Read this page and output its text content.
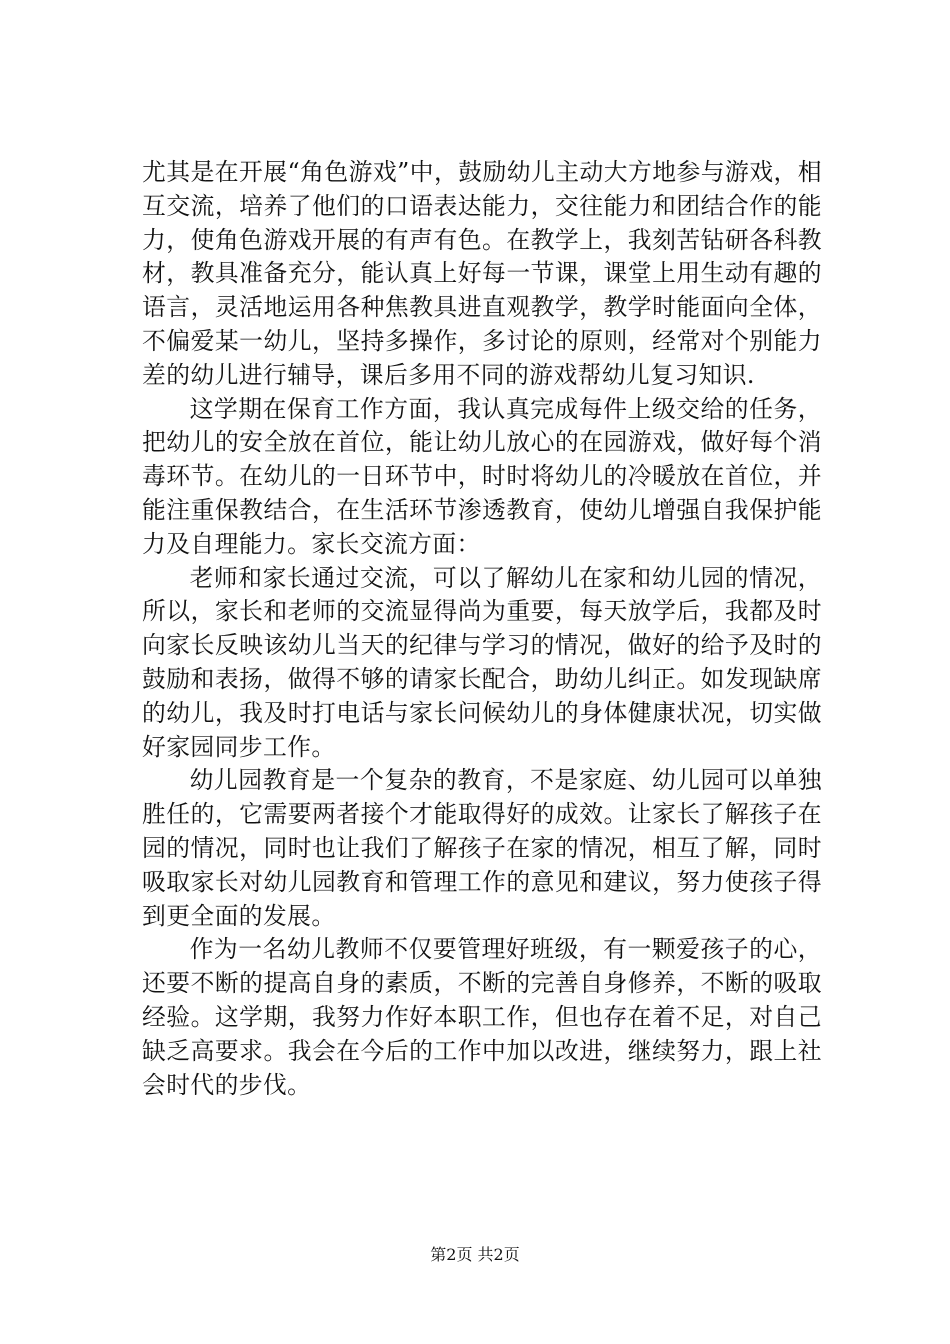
尤其是在开展“角色游戏”中，鼓励幼儿主动大方地参与游戏，相互交流，培养了他们的口语表达能力，交往能力和团结合作的能力，使角色游戏开展的有声有色。在教学上，我刻苦钻研各科教材，教具准备充分，能认真上好每一节课，课堂上用生动有趣的语言，灵活地运用各种焦教具进直观教学，教学时能面向全体，不偏爱某一幼儿，坚持多操作，多讨论的原则，经常对个别能力差的幼儿进行辅导，课后多用不同的游戏帮幼儿复习知识.

这学期在保育工作方面，我认真完成每件上级交给的任务，把幼儿的安全放在首位，能让幼儿放心的在园游戏，做好每个消毒环节。在幼儿的一日环节中，时时将幼儿的冷暖放在首位，并能注重保教结合，在生活环节渗透教育，使幼儿增强自我保护能力及自理能力。家长交流方面：

老师和家长通过交流，可以了解幼儿在家和幼儿园的情况，所以，家长和老师的交流显得尚为重要，每天放学后，我都及时向家长反映该幼儿当天的纪律与学习的情况，做好的给予及时的鼓励和表扬，做得不够的请家长配合，助幼儿纠正。如发现缺席的幼儿，我及时打电话与家长问候幼儿的身体健康状况，切实做好家园同步工作。

幼儿园教育是一个复杂的教育，不是家庭、幼儿园可以单独胜任的，它需要两者接个才能取得好的成效。让家长了解孩子在园的情况，同时也让我们了解孩子在家的情况，相互了解，同时吸取家长对幼儿园教育和管理工作的意见和建议，努力使孩子得到更全面的发展。

作为一名幼儿教师不仅要管理好班级，有一颗爱孩子的心，还要不断的提高自身的素质，不断的完善自身修养，不断的吸取经验。这学期，我努力作好本职工作，但也存在着不足，对自己缺乏高要求。我会在今后的工作中加以改进，继续努力，跟上社会时代的步伐。

第2页 共2页
